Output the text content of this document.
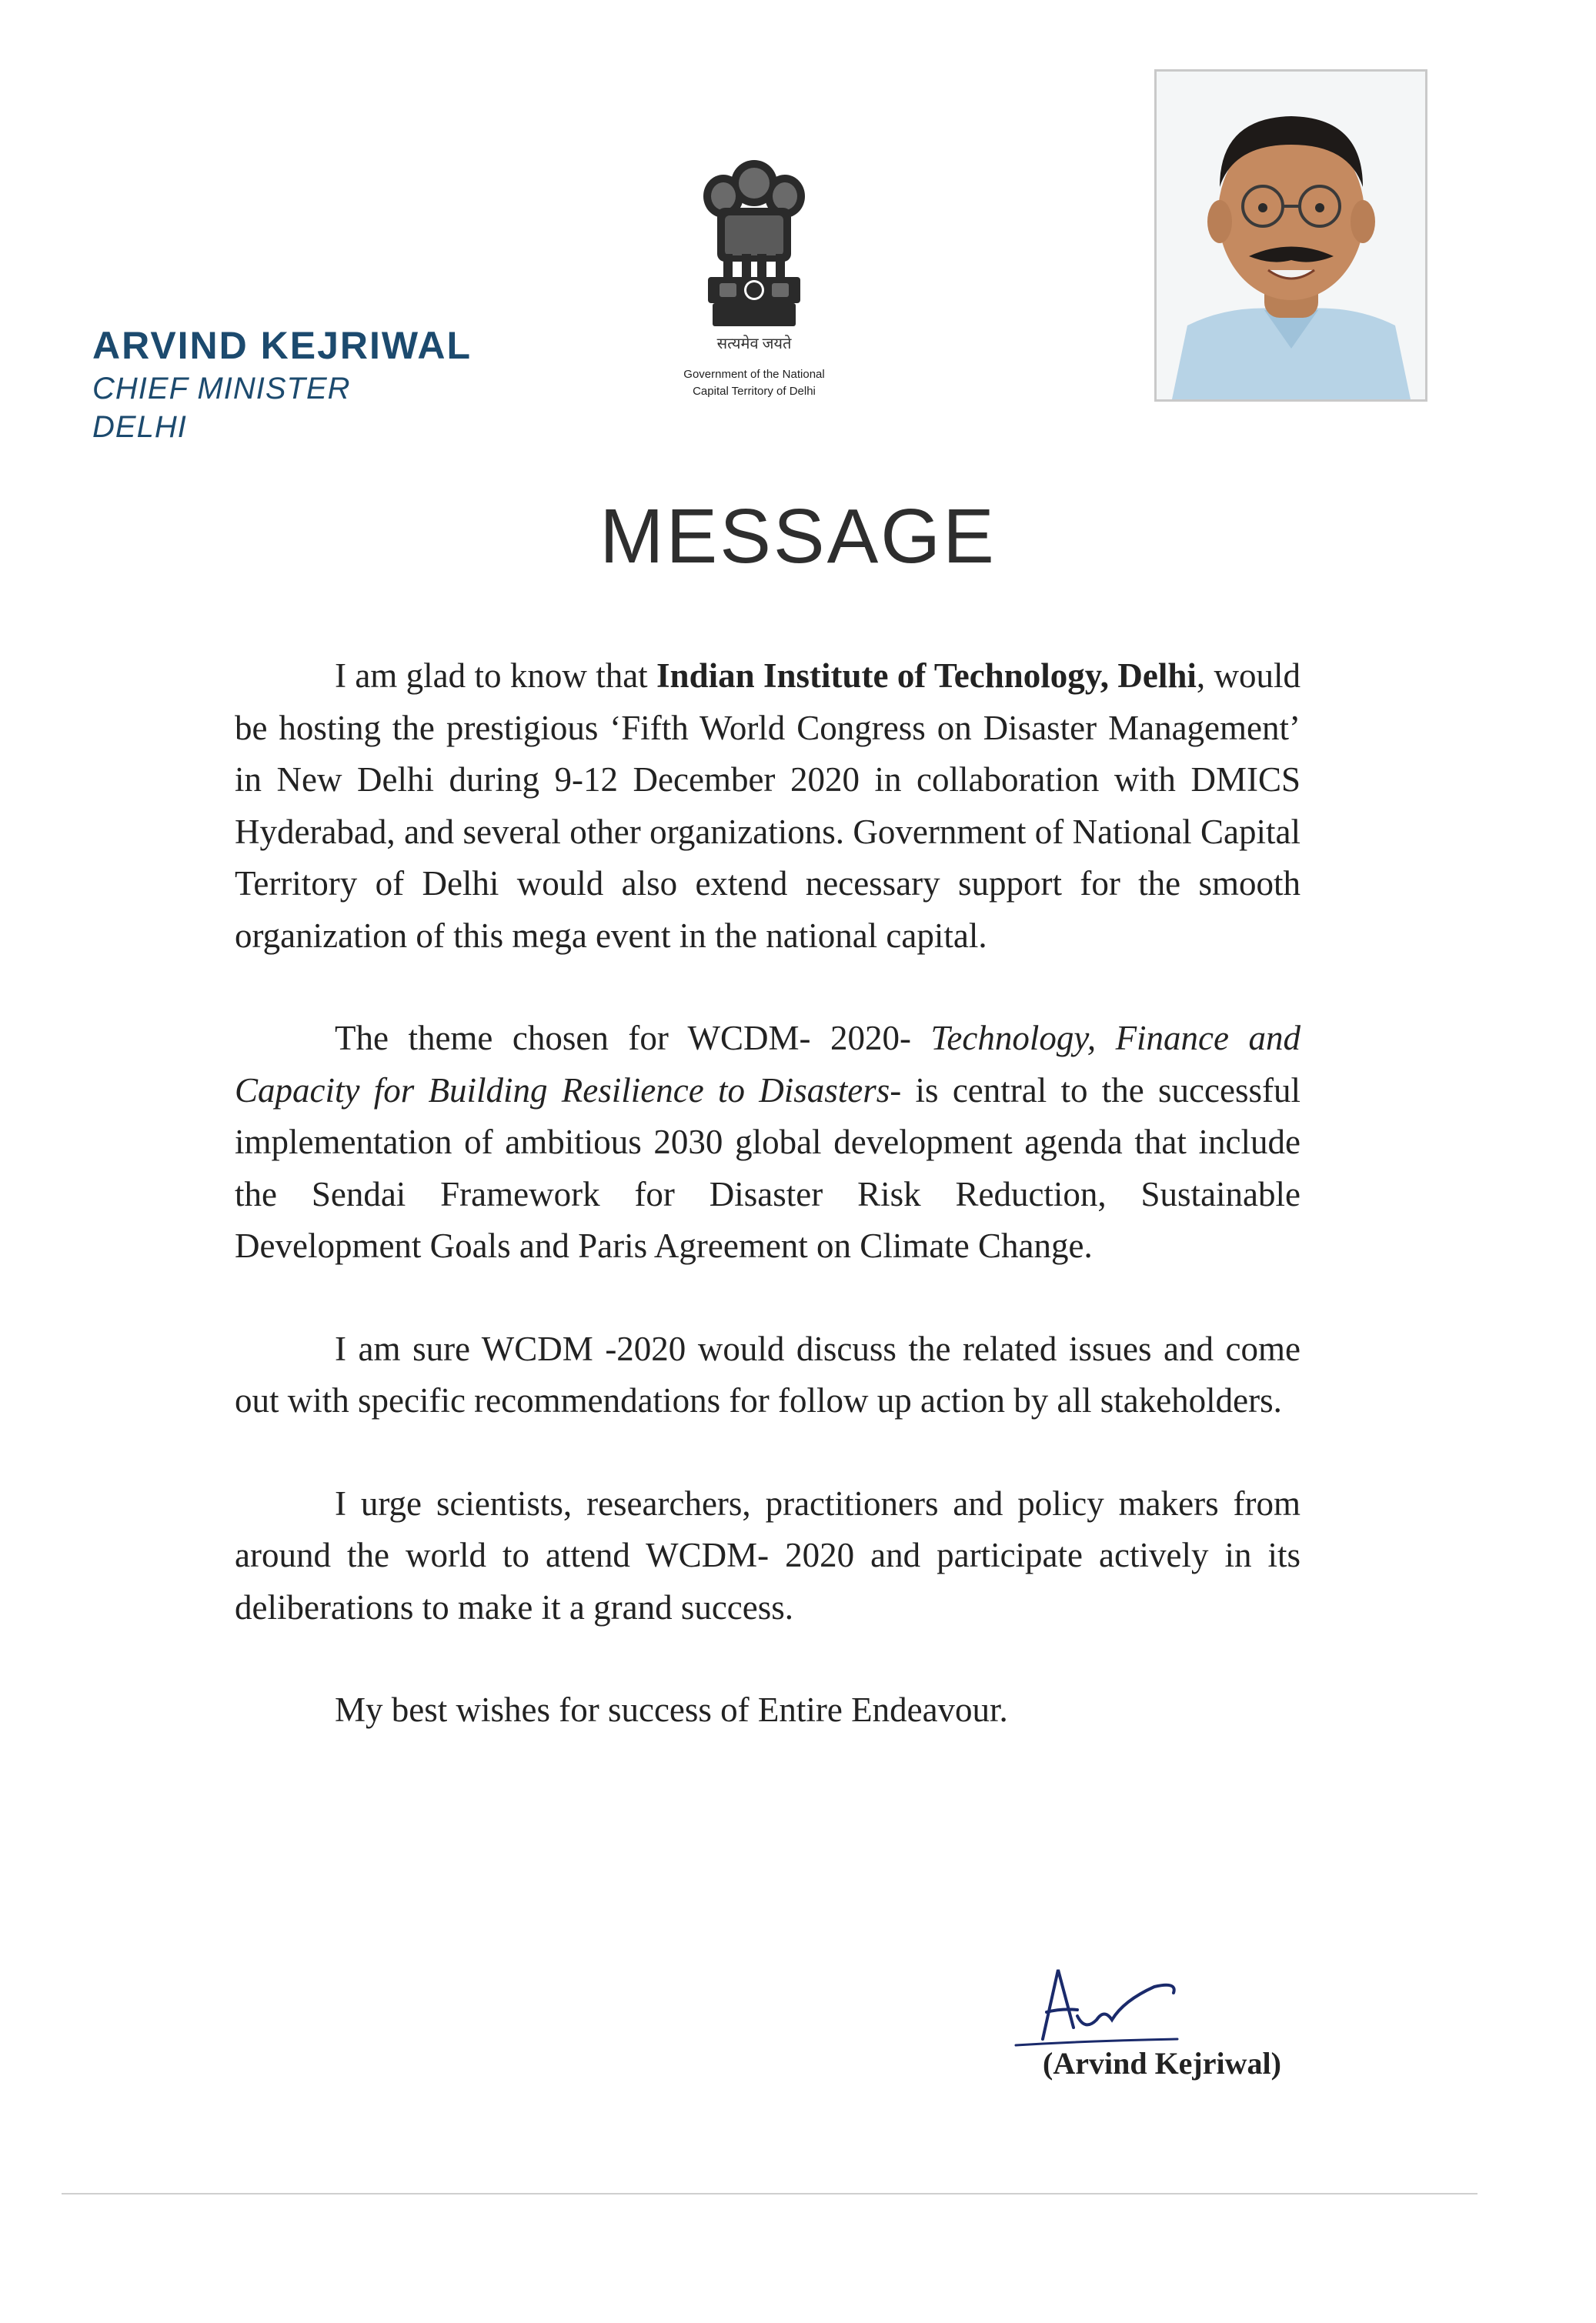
ARVIND KEJRIWAL
CHIEF MINISTER
DELHI
सत्यमेव जयते
Government of the National
Capital Territory of Delhi
MESSAGE

I am glad to know that Indian Institute of Technology, Delhi, would be hosting the prestigious ‘Fifth World Congress on Disaster Management’ in New Delhi during 9-12 December 2020 in collaboration with DMICS Hyderabad, and several other organizations. Government of National Capital Territory of Delhi would also extend necessary support for the smooth organization of this mega event in the national capital.

The theme chosen for WCDM- 2020- Technology, Finance and Capacity for Building Resilience to Disasters- is central to the successful implementation of ambitious 2030 global development agenda that include the Sendai Framework for Disaster Risk Reduction, Sustainable Development Goals and Paris Agreement on Climate Change.

I am sure WCDM -2020 would discuss the related issues and come out with specific recommendations for follow up action by all stakeholders.

I urge scientists, researchers, practitioners and policy makers from around the world to attend WCDM- 2020 and participate actively in its deliberations to make it a grand success.

My best wishes for success of Entire Endeavour.

(Arvind Kejriwal)
